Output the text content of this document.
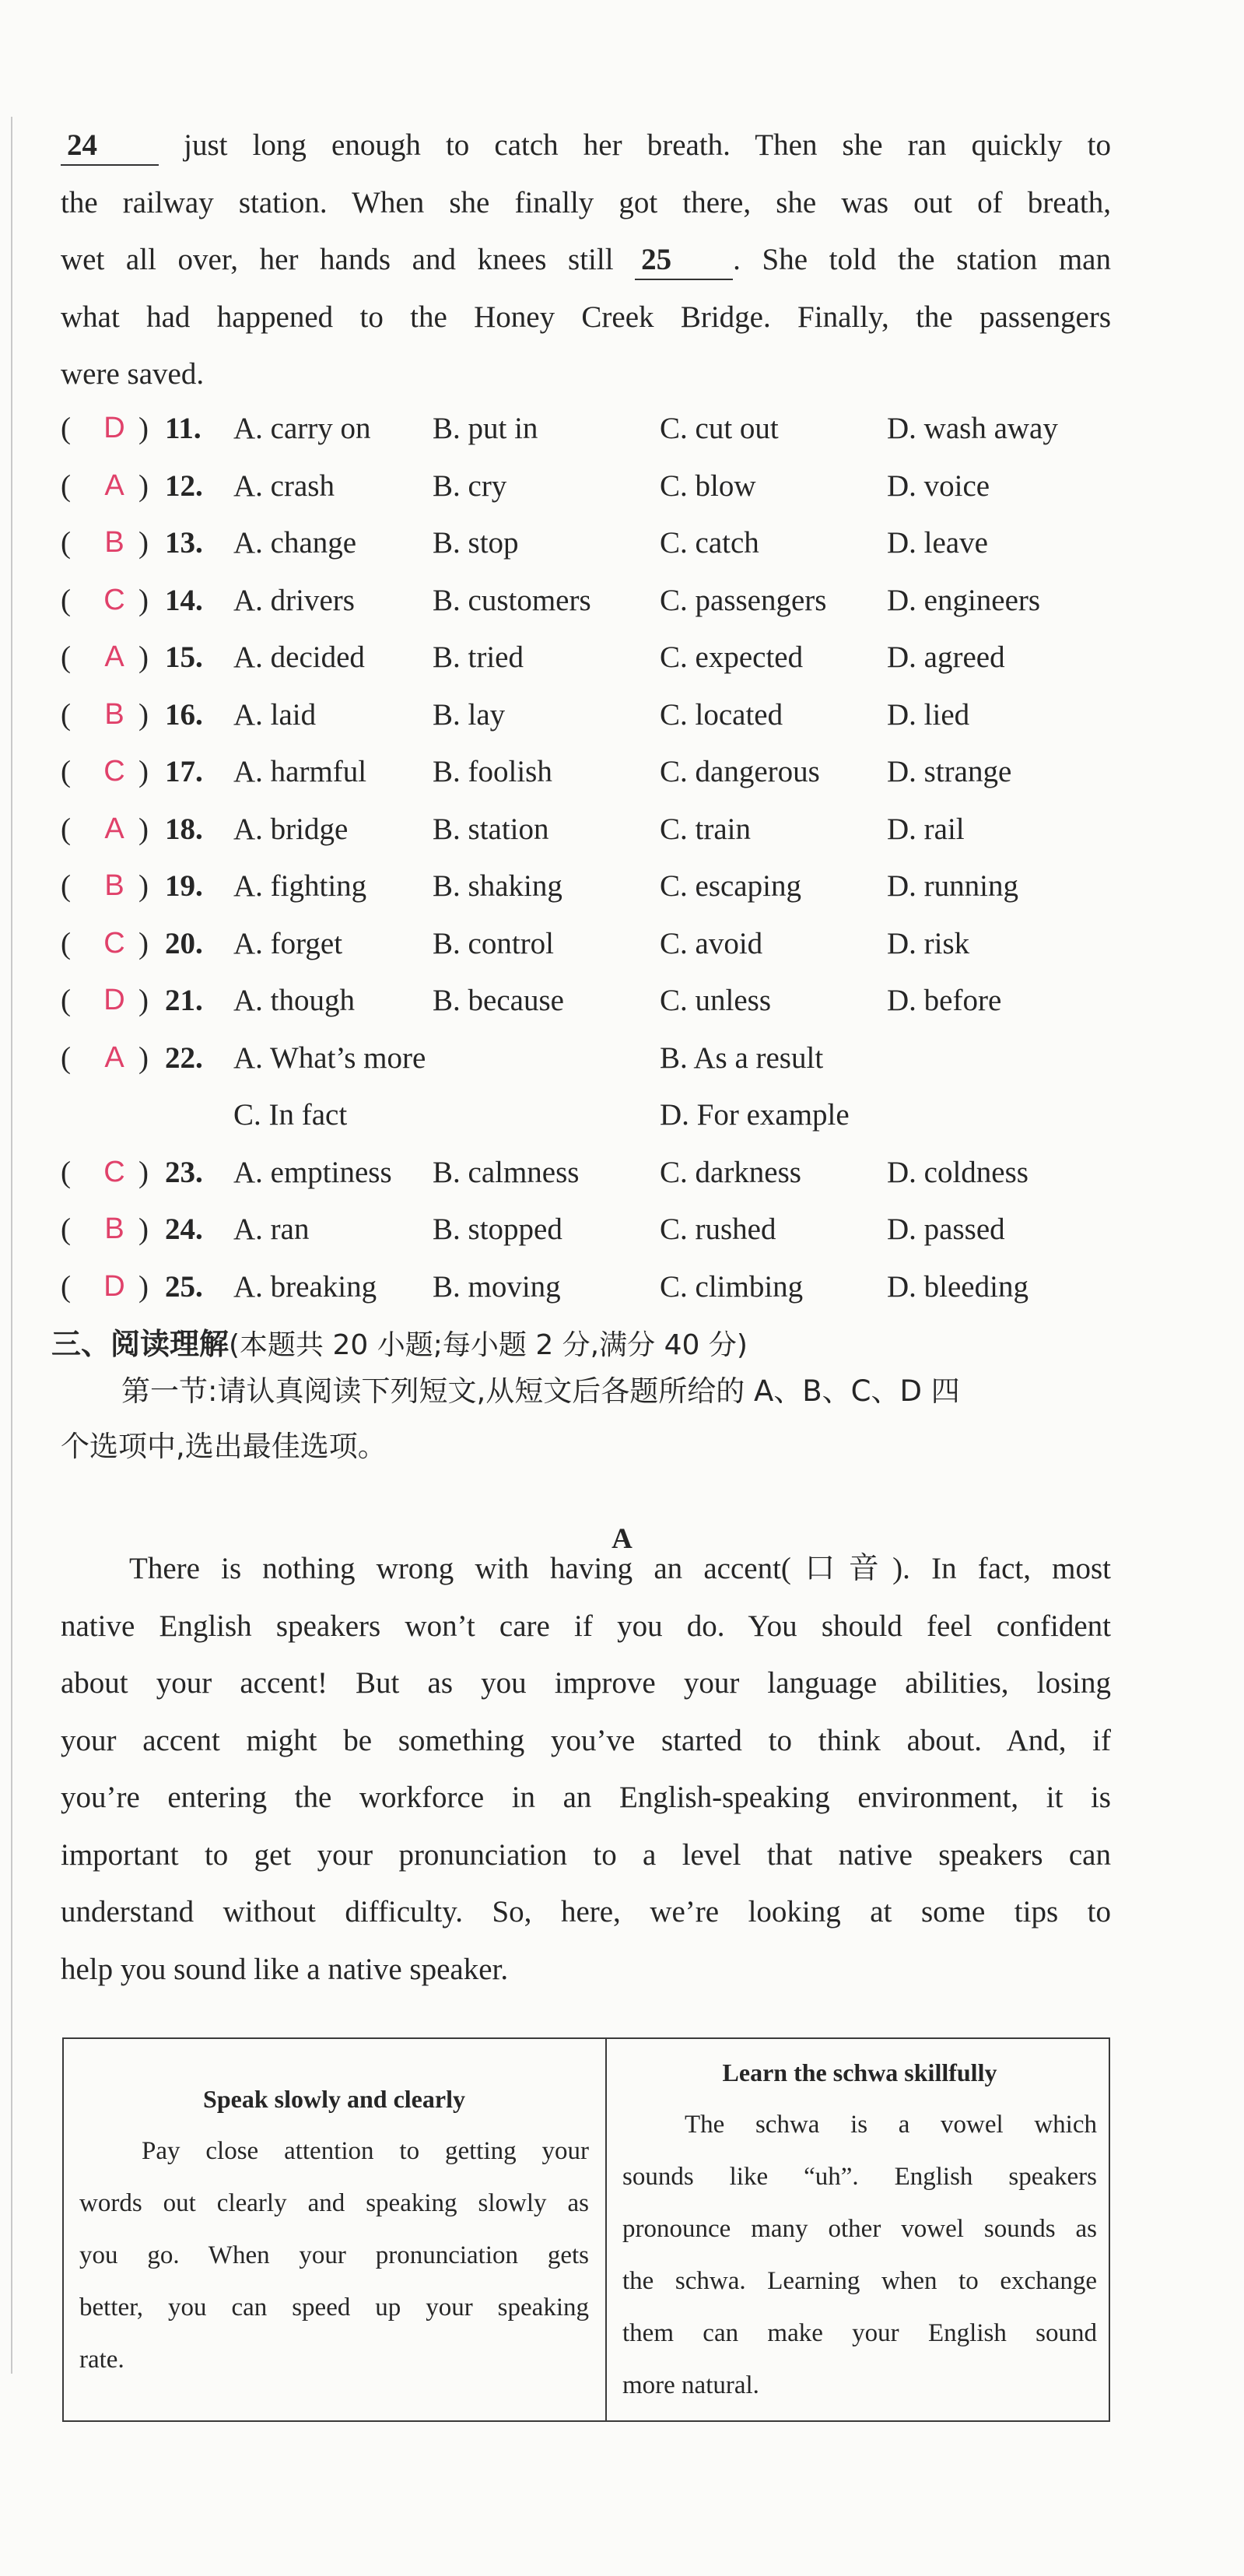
24	just long enough to catch her breath. Then she ran quickly to
the railway station. When she finally got there, she was out of breath,
wet all over, her hands and knees still 25 . She told the station man
what had happened to the Honey Creek Bridge. Finally, the passengers
were saved.
( D ) 11. A. carry on B. put in	C. cut out	D. wash away
(	A ) 12. A. crash	B. cry	C. blow	D. voice
(	B ) 13. A. change	B. stop	C. catch	D. leave
( C ) 14. A. drivers	B. customers C. passengers D. engineers
(	A ) 15. A. decided B. tried	C. expected	D. agreed
(	B ) 16. A. laid	B. lay	C. located	D. lied
( C ) 17. A. harmful B. foolish	C. dangerous D. strange
(	A ) 18. A. bridge	B. station	C. train	D. rail
(	B ) 19. A. fighting B. shaking	C. escaping	D. running
( C ) 20. A. forget	B. control	C. avoid	D. risk
( D ) 21. A. though	B. because	C. unless	D. before
(	A ) 22. A. What’s more	B. As a result
C. In fact	D. For example
( C ) 23. A. emptiness B. calmness	C. darkness	D. coldness
(	B ) 24. A. ran	B. stopped	C. rushed	D. passed
( D ) 25. A. breaking B. moving	C. climbing	D. bleeding
三、阅读理解(本题共 20 小题;每小题 2 分,满分 40 分)
第一节:请认真阅读下列短文,从短文后各题所给的 A、B、C、D 四
个选项中,选出最佳选项。
A
There is nothing wrong with having an accent(口音). In fact, most
native English speakers won’t care if you do. You should feel confident
about your accent! But as you improve your language abilities, losing
your accent might be something you’ve started to think about. And, if
you’re entering the workforce in an English-speaking environment, it is
important to get your pronunciation to a level that native speakers can
understand without difficulty. So, here, we’re looking at some tips to
help you sound like a native speaker.
Speak slowly and clearly
Pay close attention to getting your
words out clearly and speaking slowly as
you go. When your pronunciation gets
better, you can speed up your speaking
rate.
Learn the schwa skillfully
The schwa is a vowel which
sounds like “uh”. English speakers
pronounce many other vowel sounds as
the schwa. Learning when to exchange
them can make your English sound
more natural.
